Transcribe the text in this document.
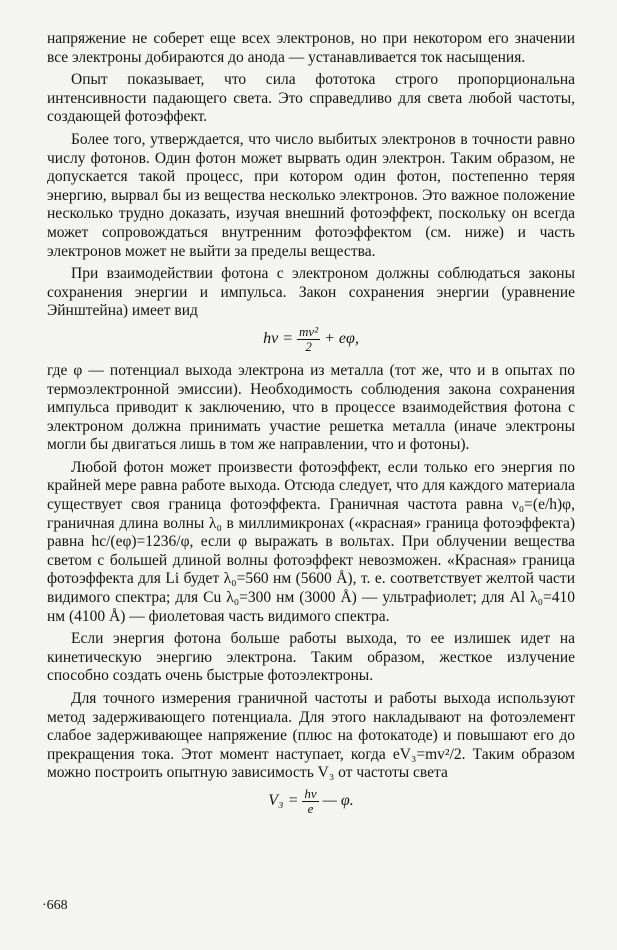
напряжение не соберет еще всех электронов, но при некотором его значении все электроны добираются до анода — устанавливается ток насыщения.

Опыт показывает, что сила фототока строго пропорциональна интенсивности падающего света. Это справедливо для света любой частоты, создающей фотоэффект.

Более того, утверждается, что число выбитых электронов в точности равно числу фотонов. Один фотон может вырвать один электрон. Таким образом, не допускается такой процесс, при котором один фотон, постепенно теряя энергию, вырвал бы из вещества несколько электронов. Это важное положение несколько трудно доказать, изучая внешний фотоэффект, поскольку он всегда может сопровождаться внутренним фотоэффектом (см. ниже) и часть электронов может не выйти за пределы вещества.

При взаимодействии фотона с электроном должны соблюдаться законы сохранения энергии и импульса. Закон сохранения энергии (уравнение Эйнштейна) имеет вид

$h\nu = \frac{\text{mv²}}{2} + e\varphi$,

где φ — потенциал выхода электрона из металла (тот же, что и в опытах по термоэлектронной эмиссии). Необходимость соблюдения закона сохранения импульса приводит к заключению, что в процессе взаимодействия фотона с электроном должна принимать участие решетка металла (иначе электроны могли бы двигаться лишь в том же направлении, что и фотоны).

Любой фотон может произвести фотоэффект, если только его энергия по крайней мере равна работе выхода. Отсюда следует, что для каждого материала существует своя граница фотоэффекта. Граничная частота равна ν₀=(e/h)φ, граничная длина волны λ₀ в миллимикронах («красная» граница фотоэффекта) равна hc/(eφ)=1236/φ, если φ выражать в вольтах. При облучении вещества светом с большей длиной волны фотоэффект невозможен. «Красная» граница фотоэффекта для Li будет λ₀=560 нм (5600 Å), т. е. соответствует желтой части видимого спектра; для Cu λ₀=300 нм (3000 Å) — ультрафиолет; для Al λ₀=410 нм (4100 Å) — фиолетовая часть видимого спектра.

Если энергия фотона больше работы выхода, то ее излишек идет на кинетическую энергию электрона. Таким образом, жесткое излучение способно создать очень быстрые фотоэлектроны.

Для точного измерения граничной частоты и работы выхода используют метод задерживающего потенциала. Для этого накладывают на фотоэлемент слабое задерживающее напряжение (плюс на фотокатоде) и повышают его до прекращения тока. Этот момент наступает, когда eV₃=mv²/2. Таким образом можно построить опытную зависимость V₃ от частоты света

$V_3 = \frac{h\nu}{e}$ — φ.
·668
